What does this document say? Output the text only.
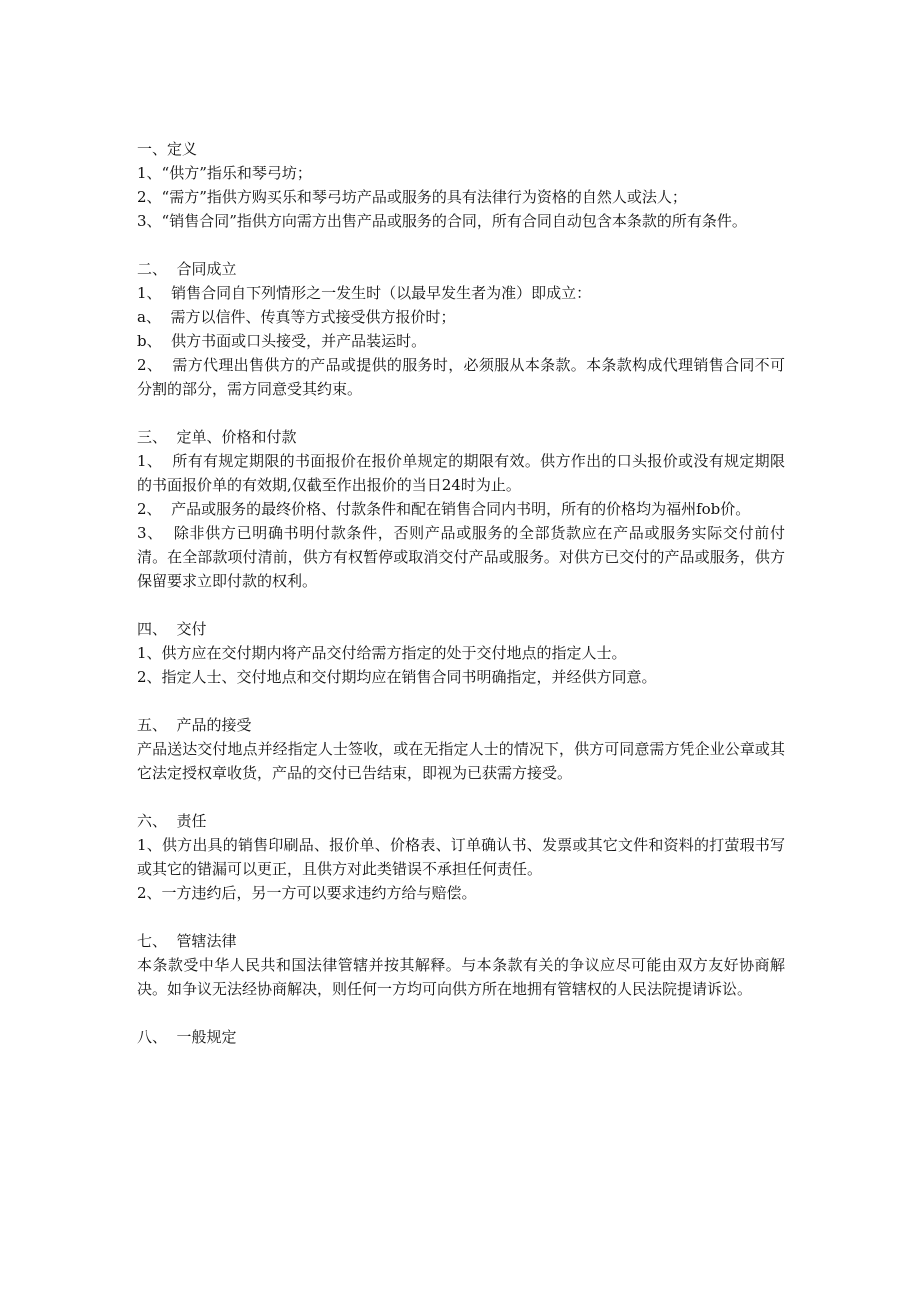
一、定义

1、“供方”指乐和琴弓坊；

2、“需方”指供方购买乐和琴弓坊产品或服务的具有法律行为资格的自然人或法人；

3、“销售合同”指供方向需方出售产品或服务的合同，所有合同自动包含本条款的所有条件。

二、  合同成立

1、  销售合同自下列情形之一发生时（以最早发生者为准）即成立：

a、  需方以信件、传真等方式接受供方报价时；

b、  供方书面或口头接受，并产品装运时。

2、  需方代理出售供方的产品或提供的服务时，必须服从本条款。本条款构成代理销售合同不可分割的部分，需方同意受其约束。

三、  定单、价格和付款

1、  所有有规定期限的书面报价在报价单规定的期限有效。供方作出的口头报价或没有规定期限的书面报价单的有效期,仅截至作出报价的当日24时为止。

2、  产品或服务的最终价格、付款条件和配在销售合同内书明，所有的价格均为福州fob价。

3、  除非供方已明确书明付款条件，否则产品或服务的全部货款应在产品或服务实际交付前付清。在全部款项付清前，供方有权暂停或取消交付产品或服务。对供方已交付的产品或服务，供方保留要求立即付款的权利。

四、  交付

1、供方应在交付期内将产品交付给需方指定的处于交付地点的指定人士。

2、指定人士、交付地点和交付期均应在销售合同书明确指定，并经供方同意。

五、  产品的接受

产品送达交付地点并经指定人士签收，或在无指定人士的情况下，供方可同意需方凭企业公章或其它法定授权章收货，产品的交付已告结束，即视为已获需方接受。

六、  责任

1、供方出具的销售印刷品、报价单、价格表、订单确认书、发票或其它文件和资料的打萤瑕书写或其它的错漏可以更正，且供方对此类错误不承担任何责任。

2、一方违约后，另一方可以要求违约方给与赔偿。

七、  管辖法律

本条款受中华人民共和国法律管辖并按其解释。与本条款有关的争议应尽可能由双方友好协商解决。如争议无法经协商解决，则任何一方均可向供方所在地拥有管辖权的人民法院提请诉讼。

八、  一般规定
